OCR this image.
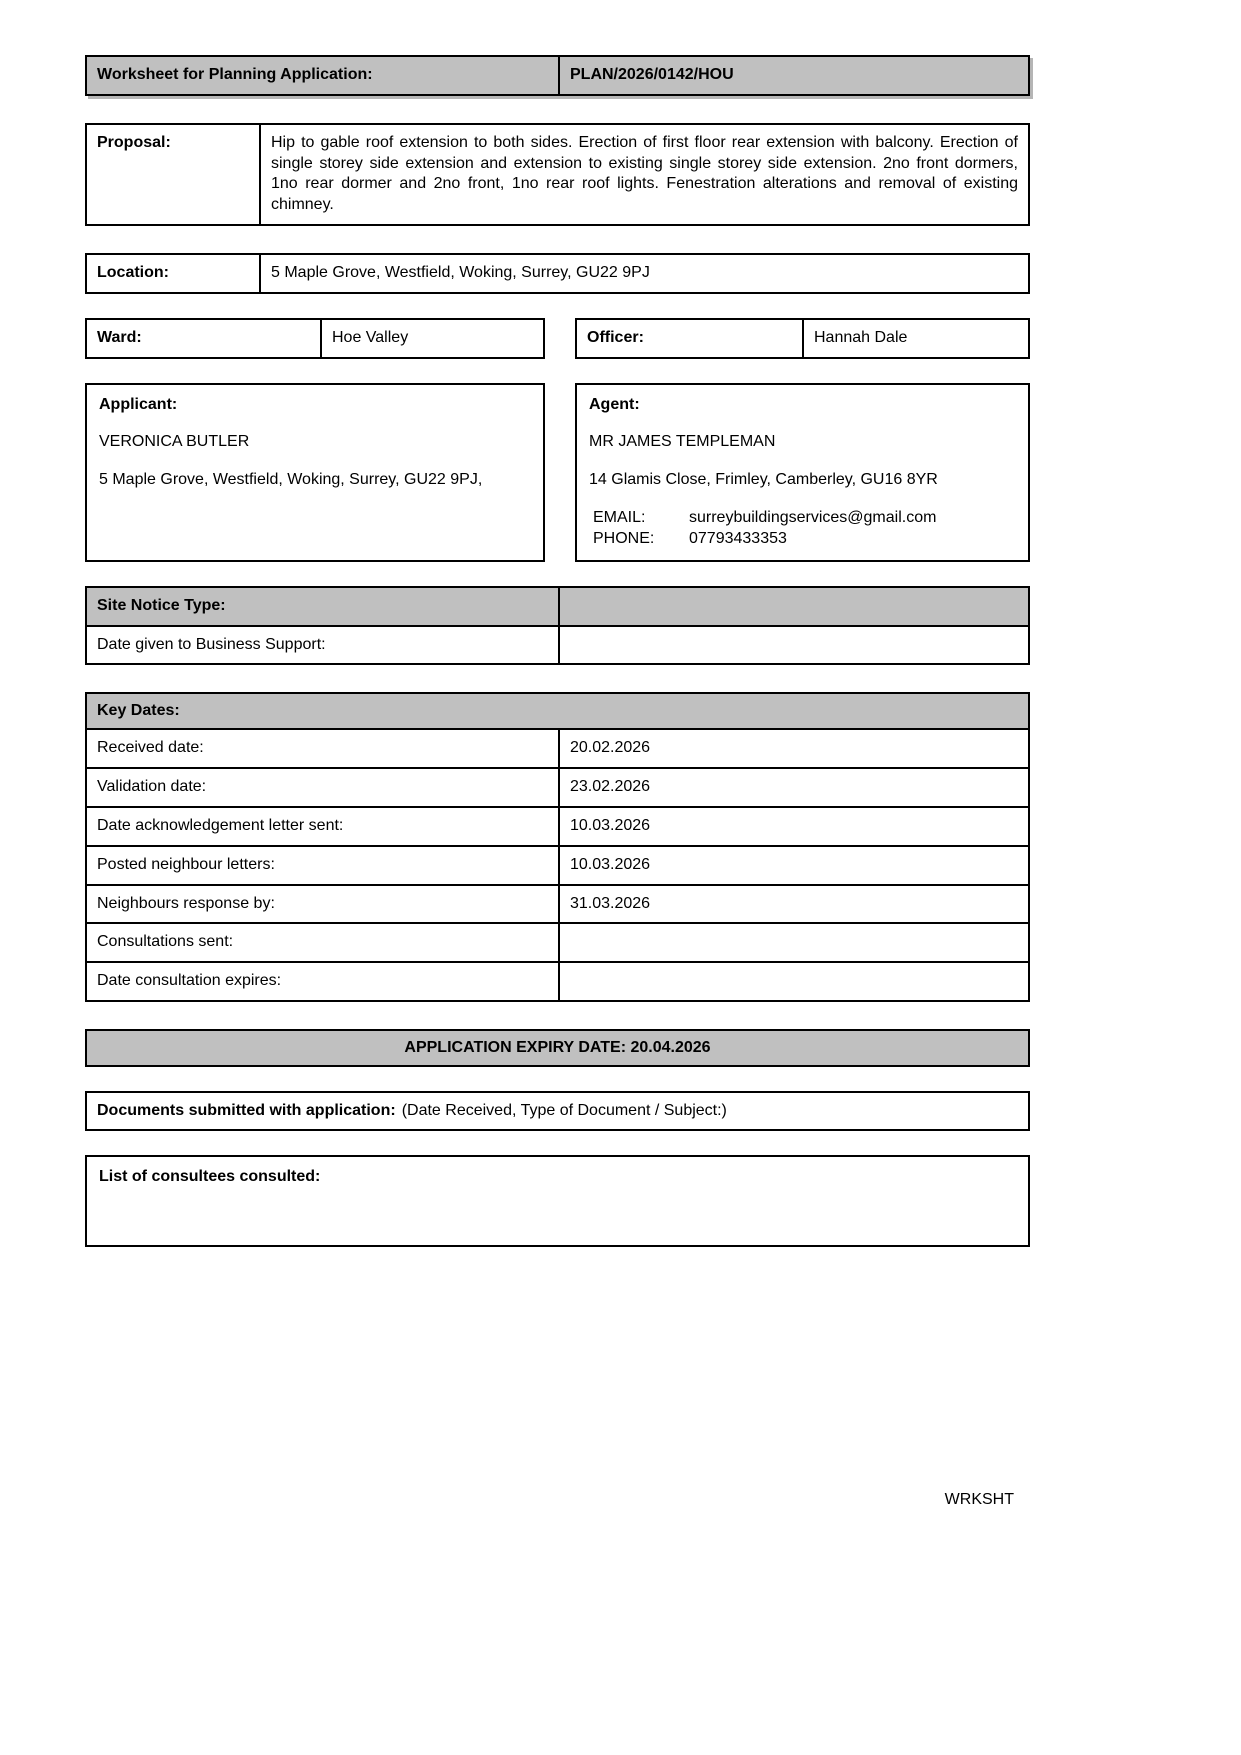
Worksheet for Planning Application:	PLAN/2026/0142/HOU
Proposal:	Hip to gable roof extension to both sides. Erection of first floor rear extension with balcony. Erection of single storey side extension and extension to existing single storey side extension. 2no front dormers, 1no rear dormer and 2no front, 1no rear roof lights. Fenestration alterations and removal of existing chimney.
Location:	5 Maple Grove, Westfield, Woking, Surrey, GU22 9PJ
Ward:	Hoe Valley	Officer:	Hannah Dale

Applicant:

VERONICA BUTLER

5 Maple Grove, Westfield, Woking, Surrey, GU22 9PJ,

Agent:

MR JAMES TEMPLEMAN

14 Glamis Close, Frimley, Camberley, GU16 8YR

EMAIL:	surreybuildingservices@gmail.com
PHONE:	07793433353
Site Notice Type:
Date given to Business Support:
Key Dates:
Received date:	20.02.2026
Validation date:	23.02.2026
Date acknowledgement letter sent:	10.03.2026
Posted neighbour letters:	10.03.2026
Neighbours response by:	31.03.2026
Consultations sent:
Date consultation expires:
APPLICATION EXPIRY DATE: 20.04.2026
Documents submitted with application: (Date Received, Type of Document / Subject:)
List of consultees consulted:
WRKSHT
